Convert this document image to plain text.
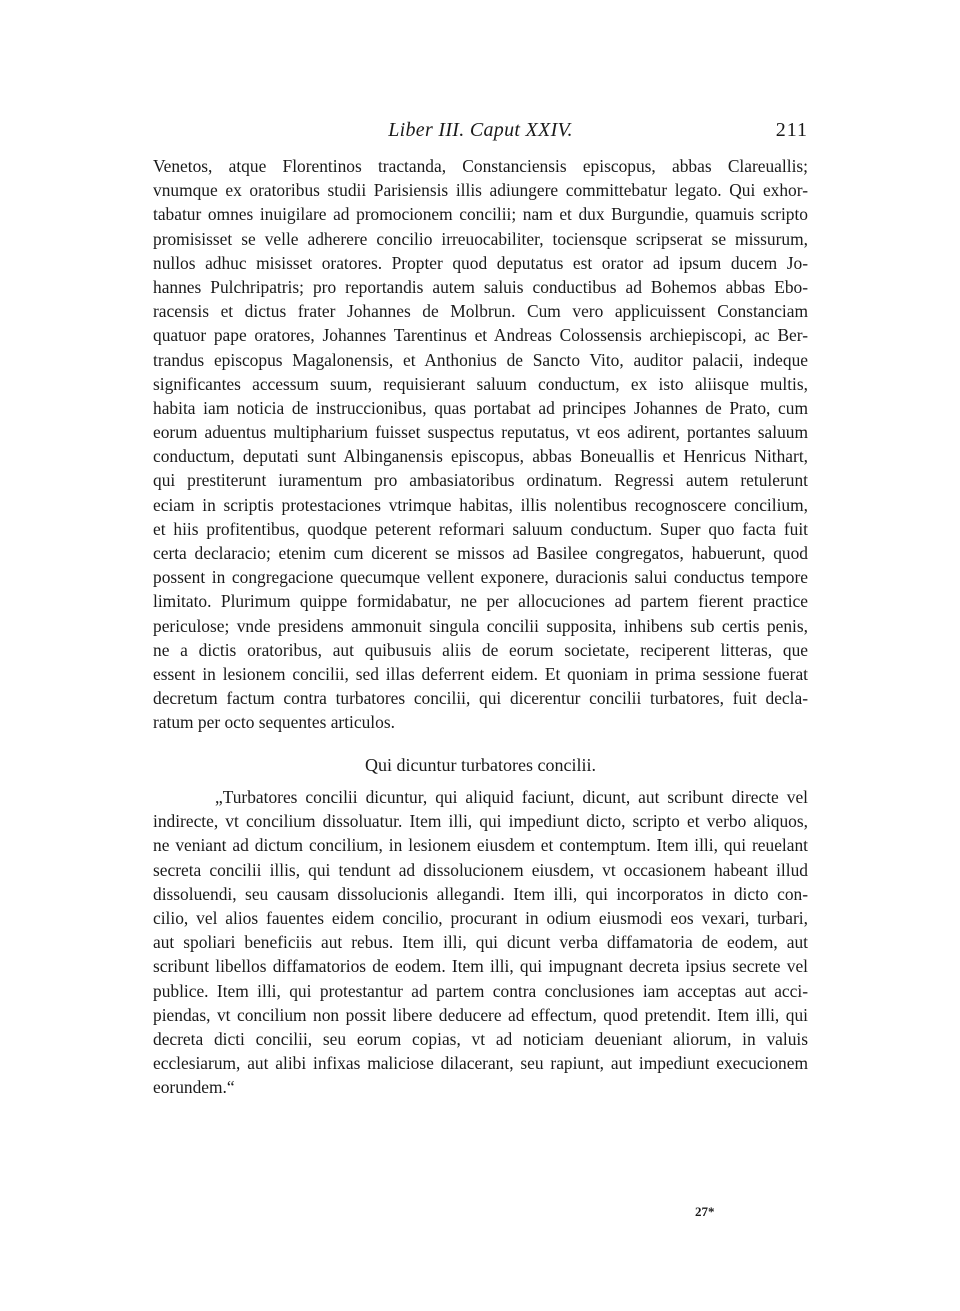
Liber III. Caput XXIV.	211
Venetos, atque Florentinos tractanda, Constanciensis episcopus, abbas Clareuallis;
vnumque ex oratoribus studii Parisiensis illis adiungere committebatur legato. Qui exhor-
tabatur omnes inuigilare ad promocionem concilii; nam et dux Burgundie, quamuis scripto
promisisset se velle adherere concilio irreuocabiliter, tociensque scripserat se missurum,
nullos adhuc misisset oratores. Propter quod deputatus est orator ad ipsum ducem Jo-
hannes Pulchripatris; pro reportandis autem saluis conductibus ad Bohemos abbas Ebo-
racensis et dictus frater Johannes de Molbrun. Cum vero applicuissent Constanciam
quatuor pape oratores, Johannes Tarentinus et Andreas Colossensis archiepiscopi, ac Ber-
trandus episcopus Magalonensis, et Anthonius de Sancto Vito, auditor palacii, indeque
significantes accessum suum, requisierant saluum conductum, ex isto aliisque multis,
habita iam noticia de instruccionibus, quas portabat ad principes Johannes de Prato, cum
eorum aduentus multipharium fuisset suspectus reputatus, vt eos adirent, portantes saluum
conductum, deputati sunt Albinganensis episcopus, abbas Boneuallis et Henricus Nithart,
qui prestiterunt iuramentum pro ambasiatoribus ordinatum. Regressi autem retulerunt
eciam in scriptis protestaciones vtrimque habitas, illis nolentibus recognoscere concilium,
et hiis profitentibus, quodque peterent reformari saluum conductum. Super quo facta fuit
certa declaracio; etenim cum dicerent se missos ad Basilee congregatos, habuerunt, quod
possent in congregacione quecumque vellent exponere, duracionis salui conductus tempore
limitato. Plurimum quippe formidabatur, ne per allocuciones ad partem fierent practice
periculose; vnde presidens ammonuit singula concilii supposita, inhibens sub certis penis,
ne a dictis oratoribus, aut quibusuis aliis de eorum societate, reciperent litteras, que
essent in lesionem concilii, sed illas deferrent eidem. Et quoniam in prima sessione fuerat
decretum factum contra turbatores concilii, qui dicerentur concilii turbatores, fuit decla-
ratum per octo sequentes articulos.
Qui dicuntur turbatores concilii.
„Turbatores concilii dicuntur, qui aliquid faciunt, dicunt, aut scribunt directe vel
indirecte, vt concilium dissoluatur. Item illi, qui impediunt dicto, scripto et verbo aliquos,
ne veniant ad dictum concilium, in lesionem eiusdem et contemptum. Item illi, qui reuelant
secreta concilii illis, qui tendunt ad dissolucionem eiusdem, vt occasionem habeant illud
dissoluendi, seu causam dissolucionis allegandi. Item illi, qui incorporatos in dicto con-
cilio, vel alios fauentes eidem concilio, procurant in odium eiusmodi eos vexari, turbari,
aut spoliari beneficiis aut rebus. Item illi, qui dicunt verba diffamatoria de eodem, aut
scribunt libellos diffamatorios de eodem. Item illi, qui impugnant decreta ipsius secrete vel
publice. Item illi, qui protestantur ad partem contra conclusiones iam acceptas aut acci-
piendas, vt concilium non possit libere deducere ad effectum, quod pretendit. Item illi, qui
decreta dicti concilii, seu eorum copias, vt ad noticiam deueniant aliorum, in valuis
ecclesiarum, aut alibi infixas maliciose dilacerant, seu rapiunt, aut impediunt execucionem
eorundem.“
27*
